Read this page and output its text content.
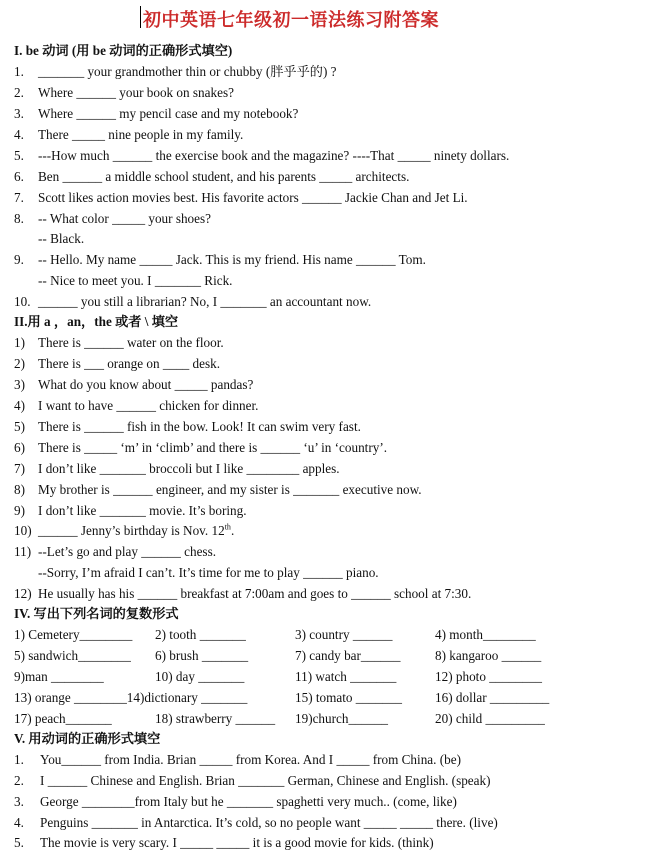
初中英语七年级初一语法练习附答案
I. be 动词 (用 be 动词的正确形式填空)
1. _______ your grandmother thin or chubby (胖乎乎的) ?
2. Where ______ your book on snakes?
3. Where ______ my pencil case and my notebook?
4. There _____ nine people in my family.
5. ---How much ______ the exercise book and the magazine? ----That _____ ninety dollars.
6. Ben ______ a middle school student, and his parents _____ architects.
7. Scott likes action movies best. His favorite actors ______ Jackie Chan and Jet Li.
8. -- What color _____ your shoes?
-- Black.
9. -- Hello. My name _____ Jack. This is my friend. His name ______ Tom.
-- Nice to meet you. I _______ Rick.
10. ______ you still a librarian? No, I _______ an accountant now.
II.用 a ，an，the 或者 \ 填空
1) There is ______ water on the floor.
2) There is ___ orange on ____ desk.
3) What do you know about _____ pandas?
4) I want to have ______ chicken for dinner.
5) There is ______ fish in the bow. Look! It can swim very fast.
6) There is _____ ‘m’ in ‘climb’ and there is ______ ‘u’ in ‘country’.
7) I don’t like _______ broccoli but I like ________ apples.
8) My brother is ______ engineer, and my sister is _______ executive now.
9) I don’t like _______ movie. It’s boring.
10) ______ Jenny’s birthday is Nov. 12th.
11) --Let’s go and play ______ chess.
--Sorry, I’m afraid I can’t. It’s time for me to play ______ piano.
12) He usually has his ______ breakfast at 7:00am and goes to ______ school at 7:30.
IV. 写出下列名词的复数形式
1) Cemetery________ 2) tooth _______	3) country ______	4) month________
5) sandwich________ 6) brush _______	7) candy bar______	8) kangaroo ______
9)man ________	10) day _______	11) watch _______	12) photo ________
13) orange ________14)dictionary _______	15) tomato _______	16) dollar _________
17) peach_______	18) strawberry ______ 19)church______	20) child _________
V. 用动词的正确形式填空
1. You______ from India. Brian _____ from Korea. And I _____ from China. (be)
2. I ______ Chinese and English. Brian _______ German, Chinese and English. (speak)
3. George ________from Italy but he _______ spaghetti very much.. (come, like)
4. Penguins _______ in Antarctica. It’s cold, so no people want _____ _____ there. (live)
5. The movie is very scary. I _____ _____ it is a good movie for kids. (think)
